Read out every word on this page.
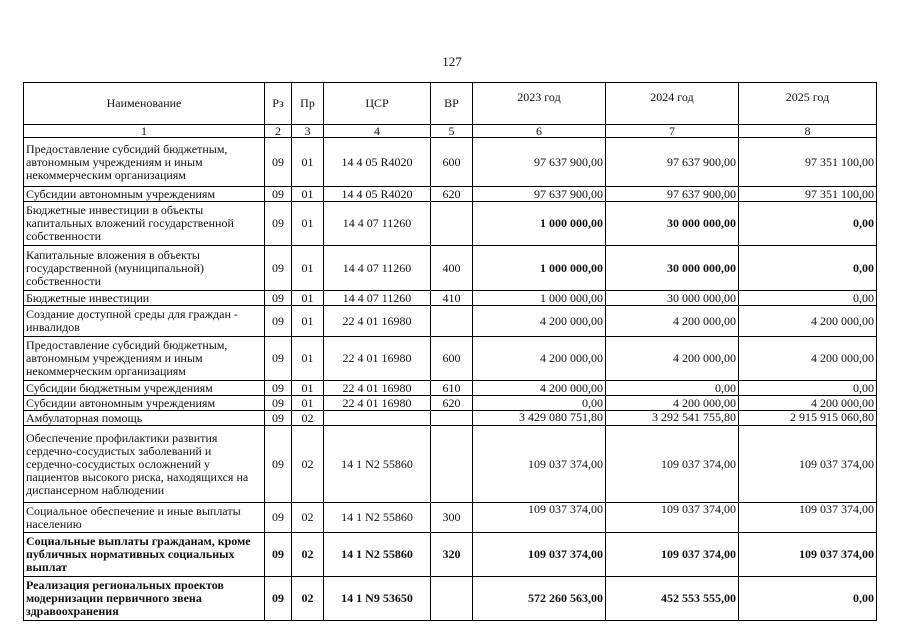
127
Наименование	Рз	Пр	ЦСР	ВР	2023 год	2024 год	2025 год
1	2	3	4	5	6	7	8
Предоставление субсидий бюджетным, автономным учреждениям и иным некоммерческим организациям	09	01	14 4 05 R4020	600	97 637 900,00	97 637 900,00	97 351 100,00
Субсидии автономным учреждениям	09	01	14 4 05 R4020	620	97 637 900,00	97 637 900,00	97 351 100,00
Бюджетные инвестиции в объекты капитальных вложений государственной собственности	09	01	14 4 07 11260		1 000 000,00	30 000 000,00	0,00
Капитальные вложения в объекты государственной (муниципальной) собственности	09	01	14 4 07 11260	400	1 000 000,00	30 000 000,00	0,00
Бюджетные инвестиции	09	01	14 4 07 11260	410	1 000 000,00	30 000 000,00	0,00
Создание доступной среды для граждан - инвалидов	09	01	22 4 01 16980		4 200 000,00	4 200 000,00	4 200 000,00
Предоставление субсидий бюджетным, автономным учреждениям и иным некоммерческим организациям	09	01	22 4 01 16980	600	4 200 000,00	4 200 000,00	4 200 000,00
Субсидии бюджетным учреждениям	09	01	22 4 01 16980	610	4 200 000,00	0,00	0,00
Субсидии автономным учреждениям	09	01	22 4 01 16980	620	0,00	4 200 000,00	4 200 000,00
Амбулаторная помощь	09	02			3 429 080 751,80	3 292 541 755,80	2 915 915 060,80
Обеспечение профилактики развития сердечно-сосудистых заболеваний и сердечно-сосудистых осложнений у пациентов высокого риска, находящихся на диспансерном наблюдении	09	02	14 1 N2 55860		109 037 374,00	109 037 374,00	109 037 374,00
Социальное обеспечение и иные выплаты населению	09	02	14 1 N2 55860	300	109 037 374,00	109 037 374,00	109 037 374,00
Социальные выплаты гражданам, кроме публичных нормативных социальных выплат	09	02	14 1 N2 55860	320	109 037 374,00	109 037 374,00	109 037 374,00
Реализация региональных проектов модернизации первичного звена здравоохранения	09	02	14 1 N9 53650		572 260 563,00	452 553 555,00	0,00
